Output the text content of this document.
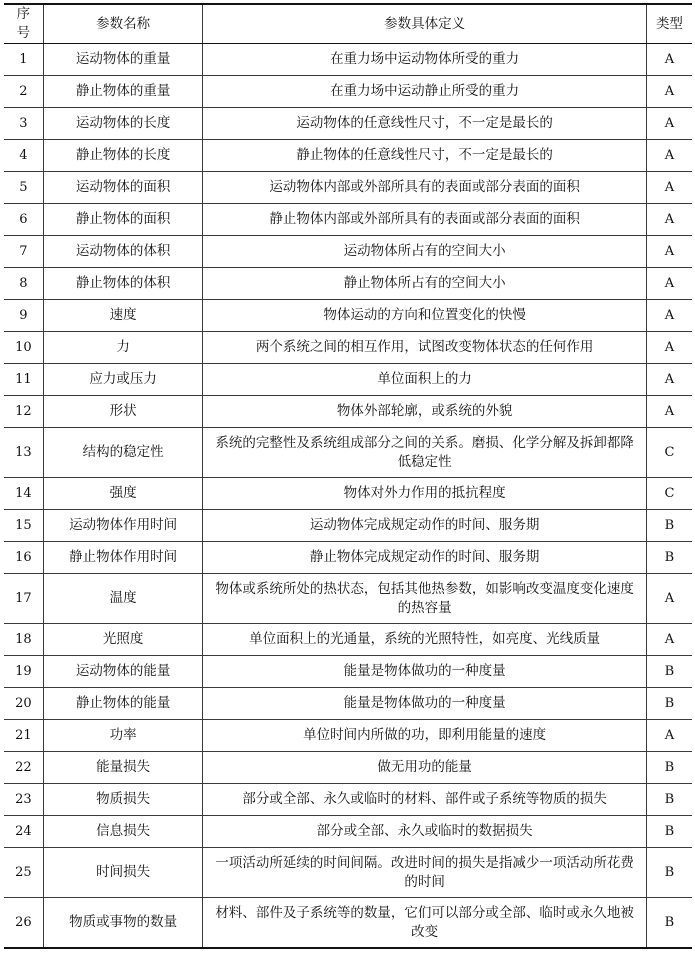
序号	参数名称	参数具体定义	类型
1	运动物体的重量	在重力场中运动物体所受的重力	A
2	静止物体的重量	在重力场中运动静止所受的重力	A
3	运动物体的长度	运动物体的任意线性尺寸，不一定是最长的	A
4	静止物体的长度	静止物体的任意线性尺寸，不一定是最长的	A
5	运动物体的面积	运动物体内部或外部所具有的表面或部分表面的面积	A
6	静止物体的面积	静止物体内部或外部所具有的表面或部分表面的面积	A
7	运动物体的体积	运动物体所占有的空间大小	A
8	静止物体的体积	静止物体所占有的空间大小	A
9	速度	物体运动的方向和位置变化的快慢	A
10	力	两个系统之间的相互作用，试图改变物体状态的任何作用	A
11	应力或压力	单位面积上的力	A
12	形状	物体外部轮廓，或系统的外貌	A
13	结构的稳定性	系统的完整性及系统组成部分之间的关系。磨损、化学分解及拆卸都降低稳定性	C
14	强度	物体对外力作用的抵抗程度	C
15	运动物体作用时间	运动物体完成规定动作的时间、服务期	B
16	静止物体作用时间	静止物体完成规定动作的时间、服务期	B
17	温度	物体或系统所处的热状态，包括其他热参数，如影响改变温度变化速度的热容量	A
18	光照度	单位面积上的光通量，系统的光照特性，如亮度、光线质量	A
19	运动物体的能量	能量是物体做功的一种度量	B
20	静止物体的能量	能量是物体做功的一种度量	B
21	功率	单位时间内所做的功，即利用能量的速度	A
22	能量损失	做无用功的能量	B
23	物质损失	部分或全部、永久或临时的材料、部件或子系统等物质的损失	B
24	信息损失	部分或全部、永久或临时的数据损失	B
25	时间损失	一项活动所延续的时间间隔。改进时间的损失是指减少一项活动所花费的时间	B
26	物质或事物的数量	材料、部件及子系统等的数量，它们可以部分或全部、临时或永久地被改变	B
